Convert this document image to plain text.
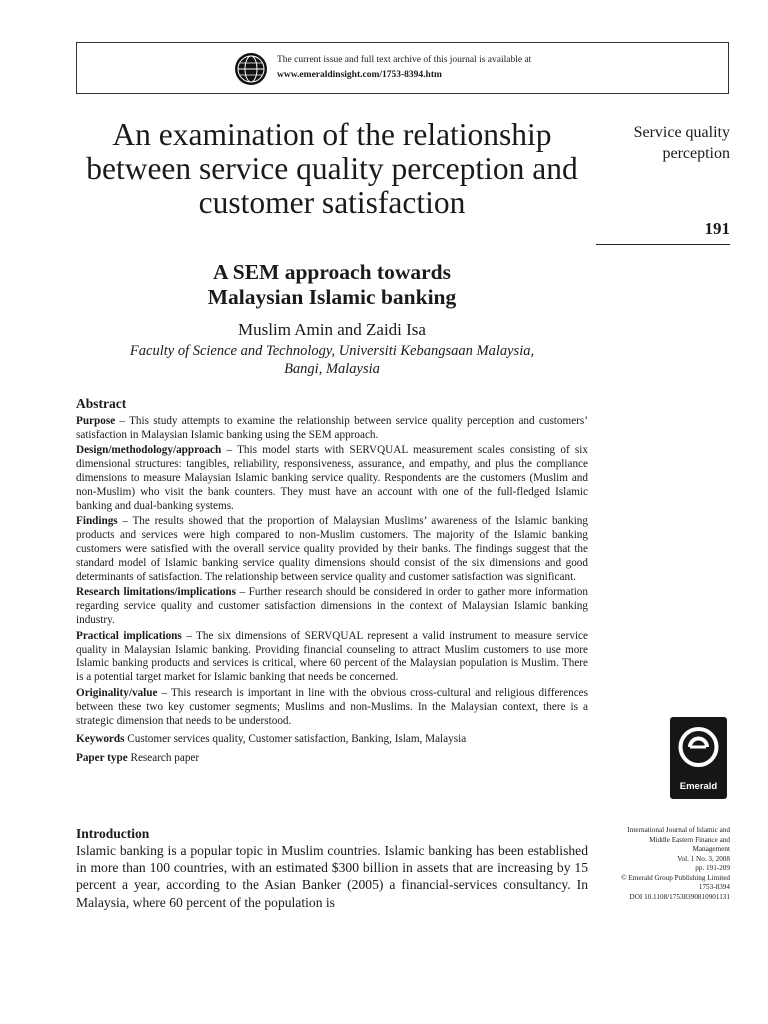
The current issue and full text archive of this journal is available at
www.emeraldinsight.com/1753-8394.htm
An examination of the relationship between service quality perception and customer satisfaction
A SEM approach towards
Malaysian Islamic banking
Muslim Amin and Zaidi Isa
Faculty of Science and Technology, Universiti Kebangsaan Malaysia,
Bangi, Malaysia
Service quality perception
191
Abstract

Purpose – This study attempts to examine the relationship between service quality perception and customers’ satisfaction in Malaysian Islamic banking using the SEM approach.

Design/methodology/approach – This model starts with SERVQUAL measurement scales consisting of six dimensional structures: tangibles, reliability, responsiveness, assurance, and empathy, and plus the compliance dimensions to measure Malaysian Islamic banking service quality. Respondents are the customers (Muslim and non-Muslim) who visit the bank counters. They must have an account with one of the full-fledged Islamic banking and dual-banking systems.

Findings – The results showed that the proportion of Malaysian Muslims’ awareness of the Islamic banking products and services were high compared to non-Muslim customers. The majority of the Islamic banking customers were satisfied with the overall service quality provided by their banks. The findings suggest that the standard model of Islamic banking service quality dimensions should consist of the six dimensions and good determinants of satisfaction. The relationship between service quality and customer satisfaction was significant.

Research limitations/implications – Further research should be considered in order to gather more information regarding service quality and customer satisfaction dimensions in the context of Malaysian Islamic banking industry.

Practical implications – The six dimensions of SERVQUAL represent a valid instrument to measure service quality in Malaysian Islamic banking. Providing financial counseling to attract Muslim customers to use more Islamic banking products and services is critical, where 60 percent of the Malaysian population is Muslim. There is a potential target market for Islamic banking that needs be concerned.

Originality/value – This research is important in line with the obvious cross-cultural and religious differences between these two key customer segments; Muslims and non-Muslims. In the Malaysian context, there is a strategic dimension that needs to be understood.

Keywords Customer services quality, Customer satisfaction, Banking, Islam, Malaysia

Paper type Research paper

Introduction

Islamic banking is a popular topic in Muslim countries. Islamic banking has been established in more than 100 countries, with an estimated $300 billion in assets that are increasing by 15 percent a year, according to the Asian Banker (2005) a financial-services consultancy. In Malaysia, where 60 percent of the population is

Emerald
International Journal of Islamic and
Middle Eastern Finance and
Management
Vol. 1 No. 3, 2008
pp. 191-209
© Emerald Group Publishing Limited
1753-8394
DOI 10.1108/17538390810901131
